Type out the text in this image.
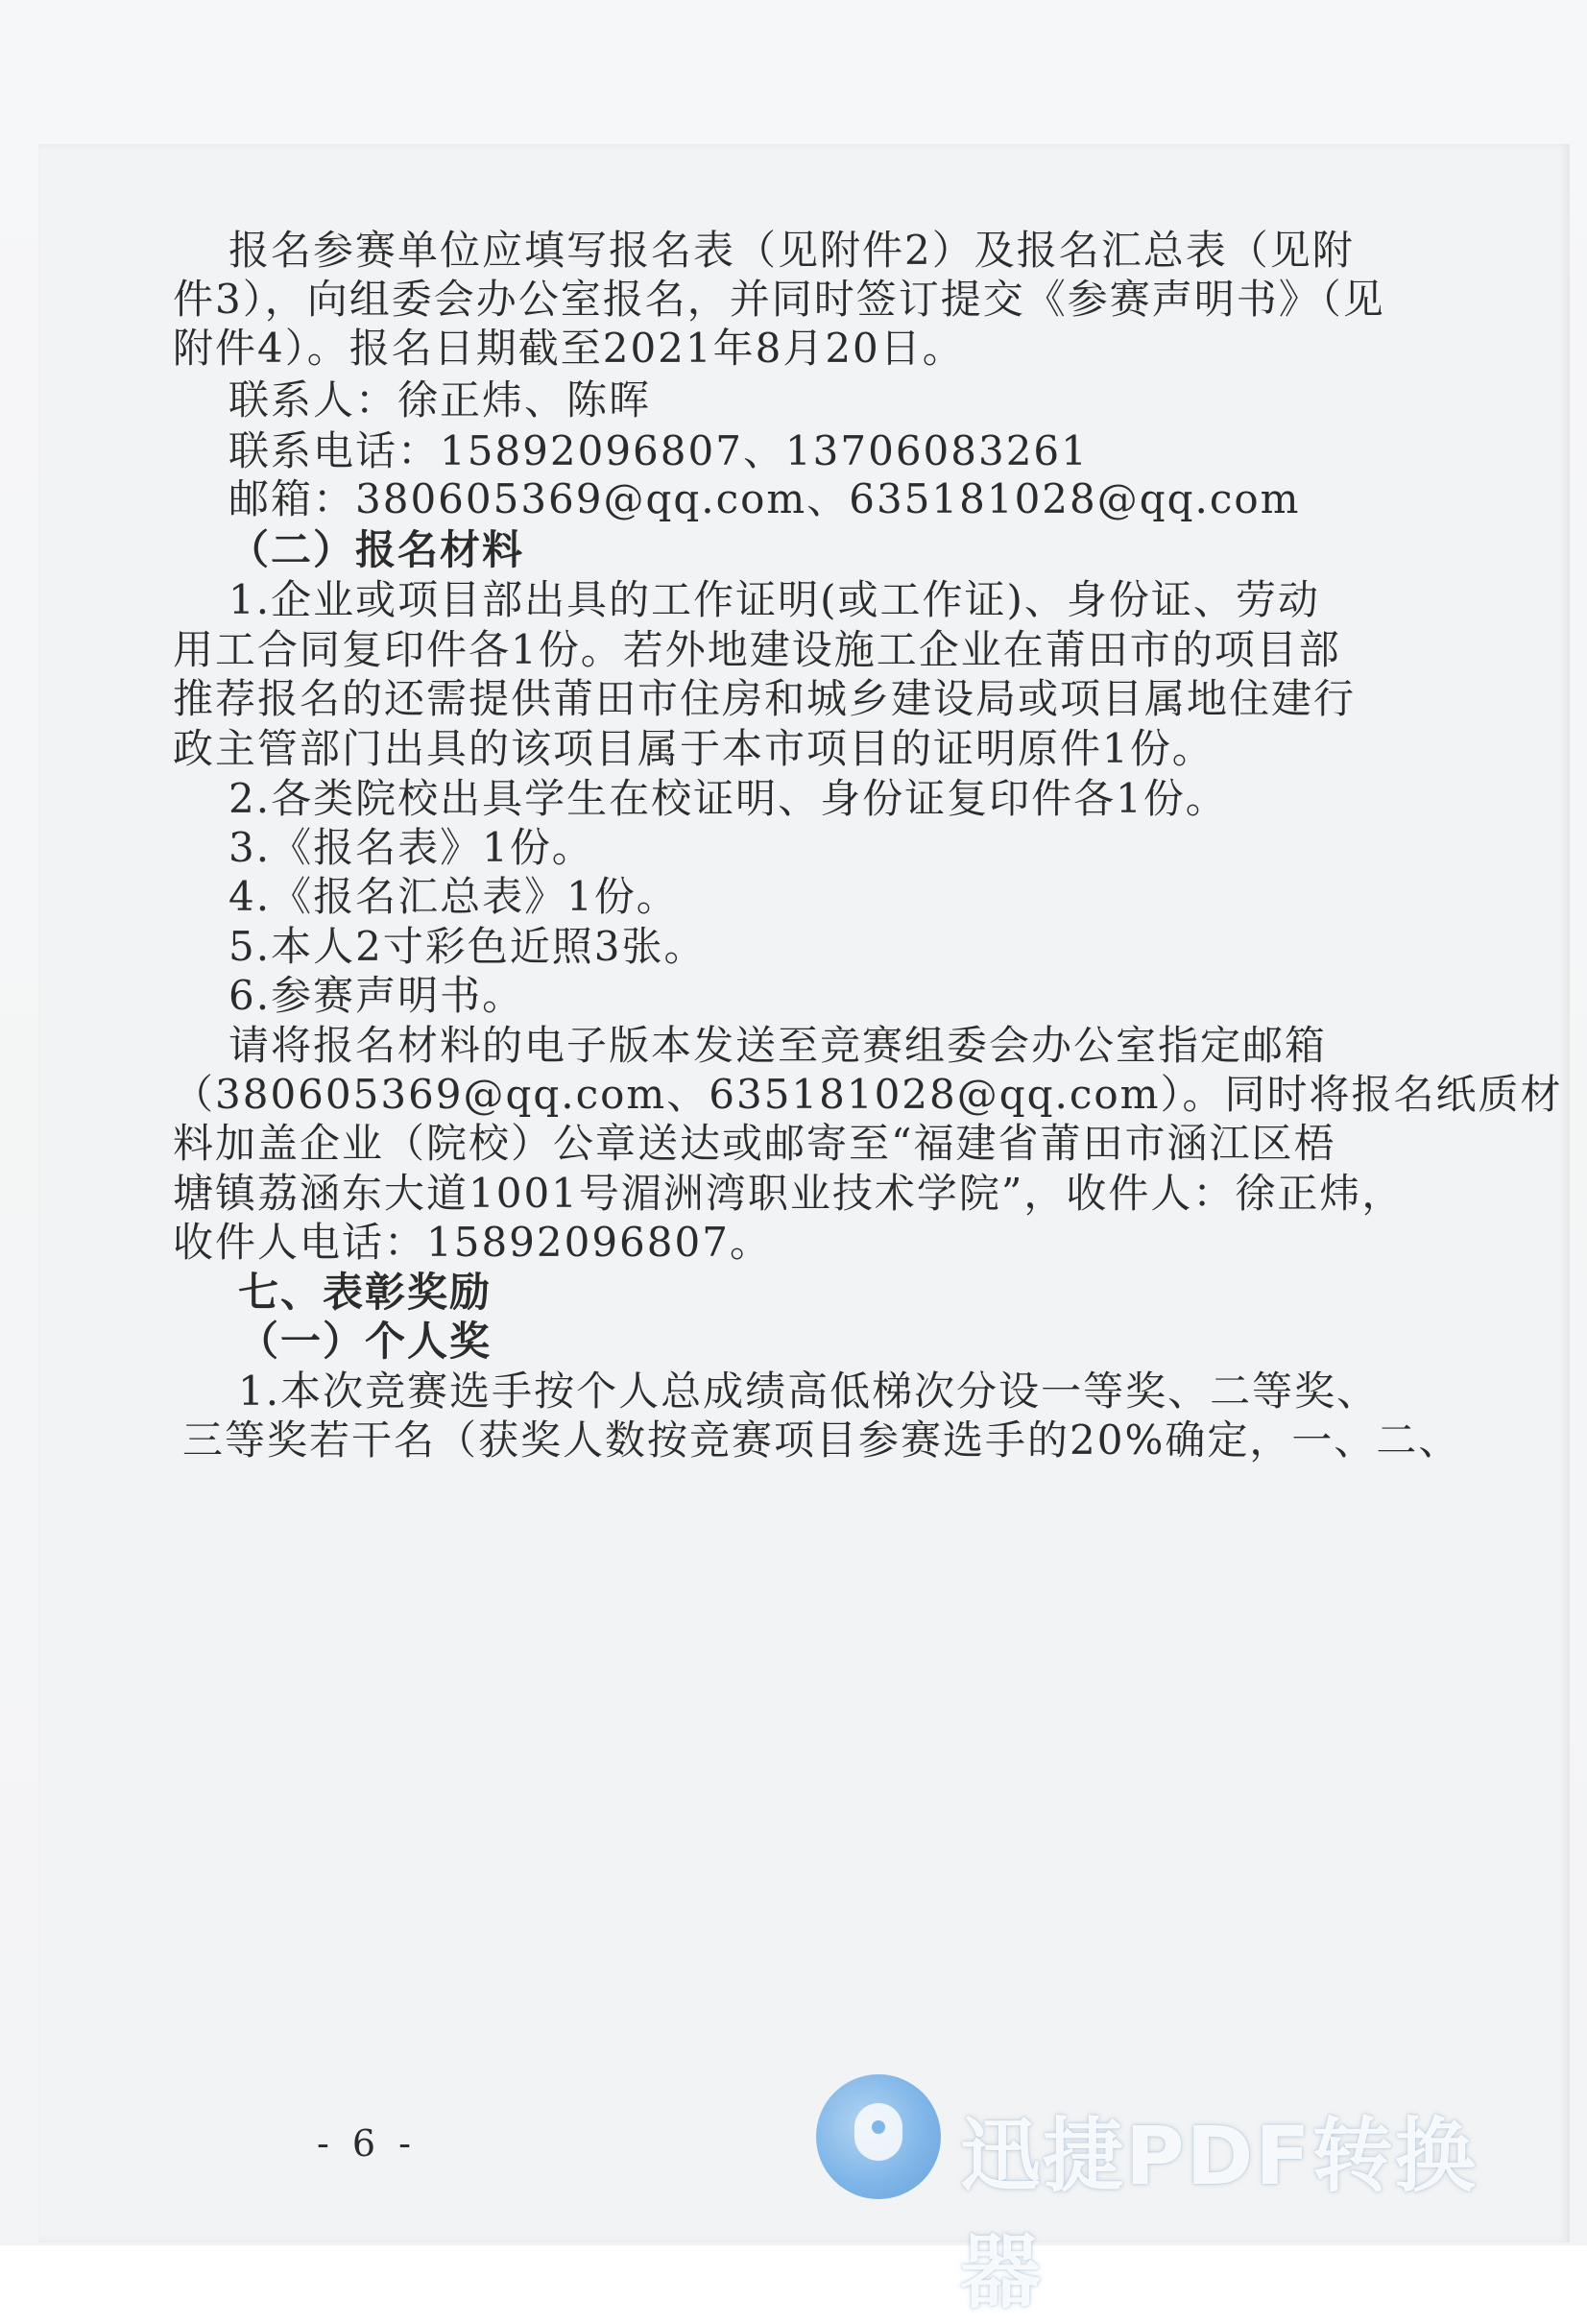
报名参赛单位应填写报名表（见附件2）及报名汇总表（见附
件3），向组委会办公室报名，并同时签订提交《参赛声明书》（见
附件4）。报名日期截至2021年8月20日。
联系人：徐正炜、陈晖
联系电话：15892096807、13706083261
邮箱：380605369@qq.com、635181028@qq.com
（二）报名材料
1.企业或项目部出具的工作证明(或工作证)、身份证、劳动
用工合同复印件各1份。若外地建设施工企业在莆田市的项目部
推荐报名的还需提供莆田市住房和城乡建设局或项目属地住建行
政主管部门出具的该项目属于本市项目的证明原件1份。
2.各类院校出具学生在校证明、身份证复印件各1份。
3.《报名表》1份。
4.《报名汇总表》1份。
5.本人2寸彩色近照3张。
6.参赛声明书。
请将报名材料的电子版本发送至竞赛组委会办公室指定邮箱
（380605369@qq.com、635181028@qq.com）。同时将报名纸质材
料加盖企业（院校）公章送达或邮寄至“福建省莆田市涵江区梧
塘镇荔涵东大道1001号湄洲湾职业技术学院”，收件人：徐正炜，
收件人电话：15892096807。
七、表彰奖励
（一）个人奖
1.本次竞赛选手按个人总成绩高低梯次分设一等奖、二等奖、
三等奖若干名（获奖人数按竞赛项目参赛选手的20%确定，一、二、
- 6 -	迅捷PDF转换器
